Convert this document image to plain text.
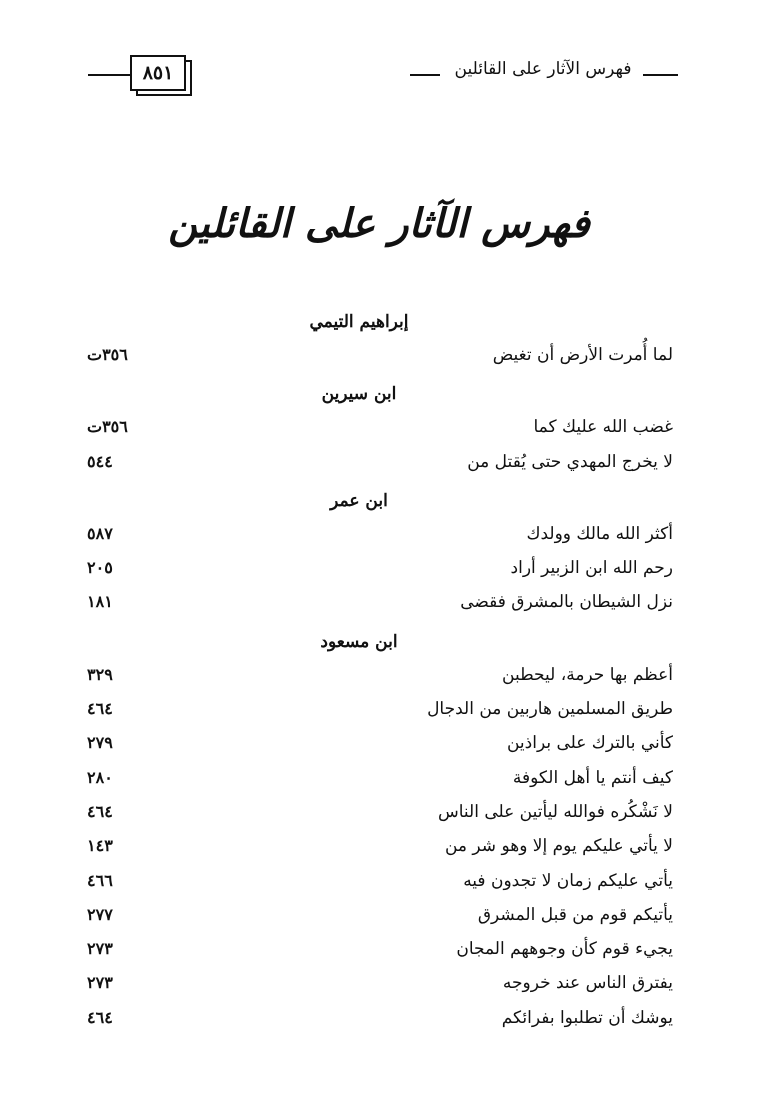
٨٥١	فهرس الآثار على القائلين
فهرس الآثار على القائلين
إبراهيم التيمي
لما أُمرت الأرض أن تغيض
٣٥٦ت
ابن سيرين
غضب الله عليك كما
٣٥٦ت
لا يخرج المهدي حتى يُقتل من
٥٤٤
ابن عمر
أكثر الله مالك وولدك
٥٨٧
رحم الله ابن الزبير أراد
٢٠٥
نزل الشيطان بالمشرق فقضى
١٨١
ابن مسعود
أعظم بها حرمة، ليحطبن
٣٢٩
طريق المسلمين هاربين من الدجال
٤٦٤
كأني بالترك على براذين
٢٧٩
كيف أنتم يا أهل الكوفة
٢٨٠
لا نَشْكُره فوالله ليأتين على الناس
٤٦٤
لا يأتي عليكم يوم إلا وهو شر من
١٤٣
يأتي عليكم زمان لا تجدون فيه
٤٦٦
يأتيكم قوم من قبل المشرق
٢٧٧
يجيء قوم كأن وجوههم المجان
٢٧٣
يفترق الناس عند خروجه
٢٧٣
يوشك أن تطلبوا بفرائكم
٤٦٤
